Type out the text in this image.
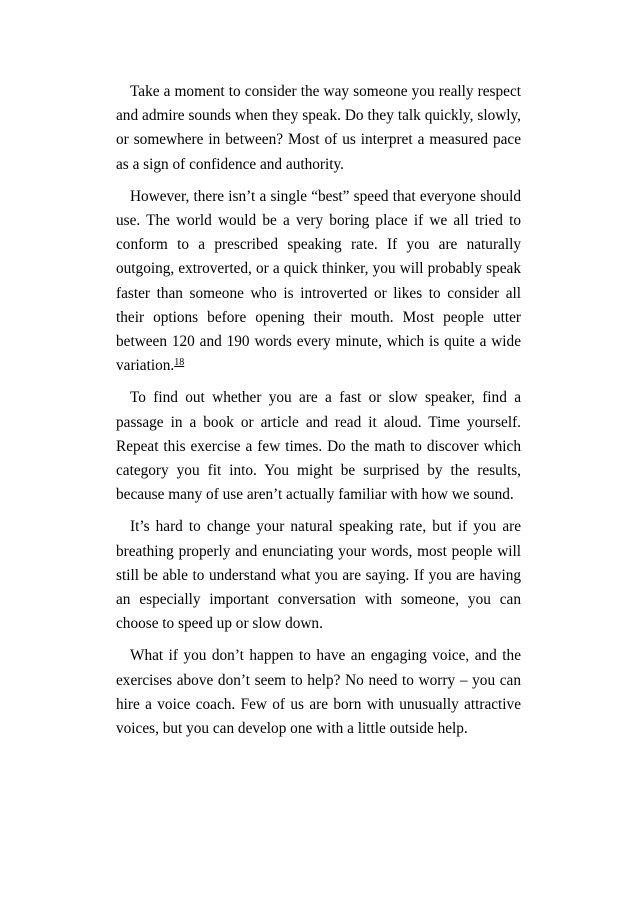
Take a moment to consider the way someone you really respect and admire sounds when they speak. Do they talk quickly, slowly, or somewhere in between? Most of us interpret a measured pace as a sign of confidence and authority.

However, there isn’t a single “best” speed that everyone should use. The world would be a very boring place if we all tried to conform to a prescribed speaking rate. If you are naturally outgoing, extroverted, or a quick thinker, you will probably speak faster than someone who is introverted or likes to consider all their options before opening their mouth. Most people utter between 120 and 190 words every minute, which is quite a wide variation.$^{18}$

To find out whether you are a fast or slow speaker, find a passage in a book or article and read it aloud. Time yourself. Repeat this exercise a few times. Do the math to discover which category you fit into. You might be surprised by the results, because many of use aren’t actually familiar with how we sound.

It’s hard to change your natural speaking rate, but if you are breathing properly and enunciating your words, most people will still be able to understand what you are saying. If you are having an especially important conversation with someone, you can choose to speed up or slow down.

What if you don’t happen to have an engaging voice, and the exercises above don’t seem to help? No need to worry – you can hire a voice coach. Few of us are born with unusually attractive voices, but you can develop one with a little outside help.
